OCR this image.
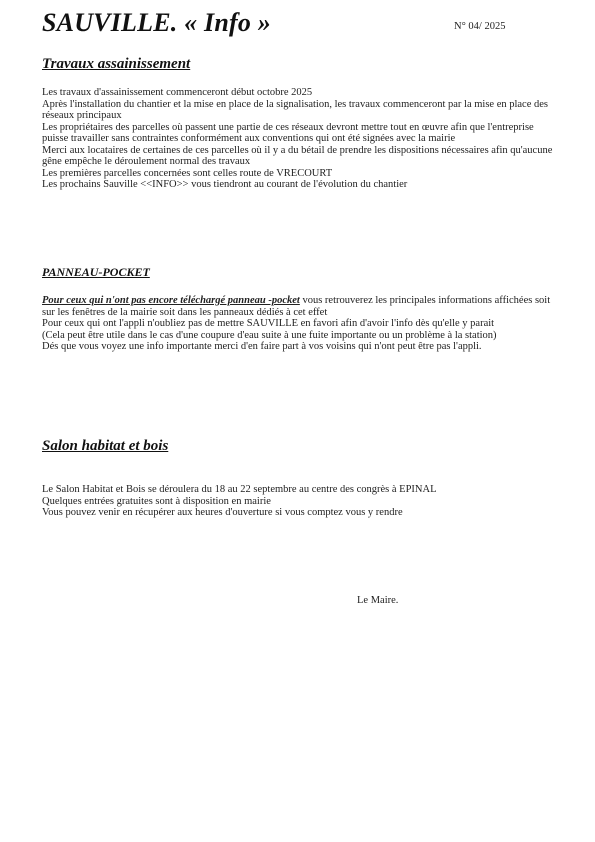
SAUVILLE. « Info »	N° 04/ 2025
Travaux assainissement

Les travaux d'assainissement commenceront début octobre 2025

Après l'installation du chantier et la mise en place de la signalisation, les travaux commenceront par la mise en place des réseaux principaux

Les propriétaires des parcelles où passent une partie de ces réseaux devront mettre tout en œuvre afin que l'entreprise puisse travailler sans contraintes conformément aux conventions qui ont été signées avec la mairie

Merci aux locataires de certaines de ces parcelles où il y a du bétail de prendre les dispositions nécessaires afin qu'aucune gêne empêche le déroulement normal des travaux

Les premières parcelles concernées sont celles route de VRECOURT

Les prochains Sauville <<INFO>> vous tiendront au courant de l'évolution du chantier

PANNEAU-POCKET

Pour ceux qui n'ont pas encore téléchargé panneau -pocket vous retrouverez les principales informations affichées soit sur les fenêtres de la mairie soit dans les panneaux dédiés à cet effet

Pour ceux qui ont l'appli n'oubliez pas de mettre SAUVILLE en favori afin d'avoir l'info dès qu'elle y parait

(Cela peut être utile dans le cas d'une coupure d'eau suite à une fuite importante ou un problème à la station)

Dés que vous voyez une info importante merci d'en faire part à vos voisins qui n'ont peut être pas l'appli.

Salon habitat et bois

Le Salon Habitat et Bois se déroulera du 18 au 22 septembre au centre des congrès à EPINAL

Quelques entrées gratuites sont à disposition en mairie

Vous pouvez venir en récupérer aux heures d'ouverture si vous comptez vous y rendre

Le Maire.
